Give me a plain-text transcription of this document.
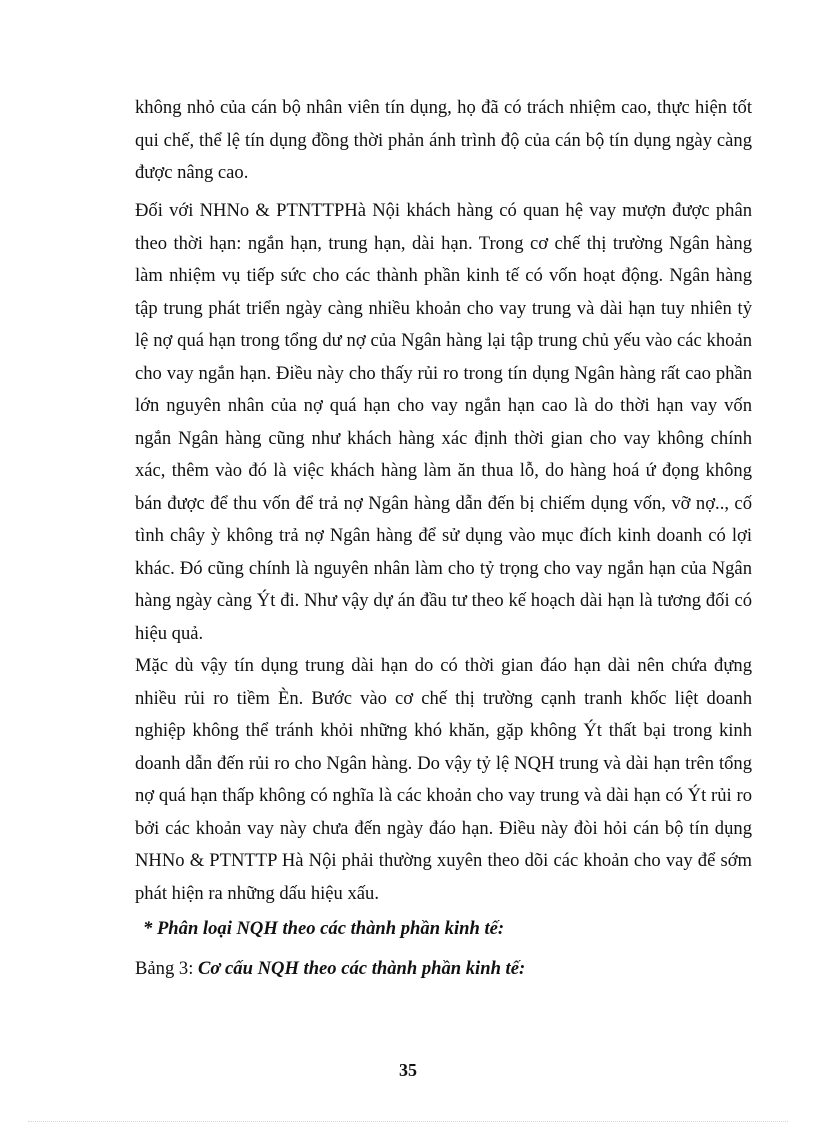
không nhỏ của cán bộ nhân viên tín dụng, họ đã có trách nhiệm cao, thực hiện tốt qui chế, thể lệ tín dụng đồng thời phản ánh trình độ của cán bộ tín dụng ngày càng được nâng cao.

Đối với NHNo & PTNTTPHà Nội khách hàng có quan hệ vay mượn được phân theo thời hạn: ngắn hạn, trung hạn, dài hạn. Trong cơ chế thị trường Ngân hàng làm nhiệm vụ tiếp sức cho các thành phần kinh tế có vốn hoạt động. Ngân hàng tập trung phát triển ngày càng nhiều khoản cho vay trung và dài hạn tuy nhiên tỷ lệ nợ quá hạn trong tổng dư nợ của Ngân hàng lại tập trung chủ yếu vào các khoản cho vay ngắn hạn. Điều này cho thấy rủi ro trong tín dụng Ngân hàng rất cao phần lớn nguyên nhân của nợ quá hạn cho vay ngắn hạn cao là do thời hạn vay vốn ngắn Ngân hàng cũng như khách hàng xác định thời gian cho vay không chính xác, thêm vào đó là việc khách hàng làm ăn thua lỗ, do hàng hoá ứ đọng không bán được để thu vốn để trả nợ Ngân hàng dẫn đến bị chiếm dụng vốn, vỡ nợ.., cố tình chây ỳ không trả nợ Ngân hàng để sử dụng vào mục đích kinh doanh có lợi khác. Đó cũng chính là nguyên nhân làm cho tỷ trọng cho vay ngắn hạn của Ngân hàng ngày càng Ýt đi. Như vậy dự án đầu tư theo kế hoạch dài hạn là tương đối có hiệu quả.

Mặc dù vậy tín dụng trung dài hạn do có thời gian đáo hạn dài nên chứa đựng nhiều rủi ro tiềm Èn. Bước vào cơ chế thị trường cạnh tranh khốc liệt doanh nghiệp không thể tránh khỏi những khó khăn, gặp không Ýt thất bại trong kinh doanh dẫn đến rủi ro cho Ngân hàng. Do vậy tỷ lệ NQH trung và dài hạn trên tổng nợ quá hạn thấp không có nghĩa là các khoản cho vay trung và dài hạn có Ýt rủi ro bởi các khoản vay này chưa đến ngày đáo hạn. Điều này đòi hỏi cán bộ tín dụng NHNo & PTNTTP Hà Nội phải thường xuyên theo dõi các khoản cho vay để sớm phát hiện ra những dấu hiệu xấu.

* Phân loại NQH theo các thành phần kinh tế:
Bảng 3: Cơ cấu NQH theo các thành phần kinh tế:
35
